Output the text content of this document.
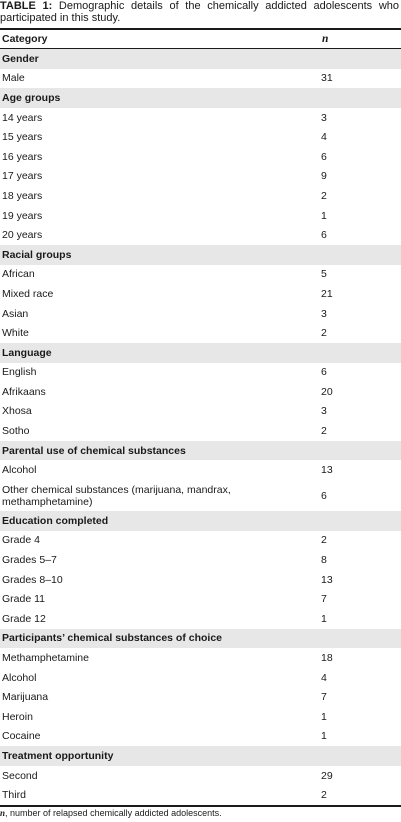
TABLE 1: Demographic details of the chemically addicted adolescents who participated in this study.
Category	n
Gender	
Male	31
Age groups	
14 years	3
15 years	4
16 years	6
17 years	9
18 years	2
19 years	1
20 years	6
Racial groups	
African	5
Mixed race	21
Asian	3
White	2
Language	
English	6
Afrikaans	20
Xhosa	3
Sotho	2
Parental use of chemical substances	
Alcohol	13
Other chemical substances (marijuana, mandrax, methamphetamine)	6
Education completed	
Grade 4	2
Grades 5–7	8
Grades 8–10	13
Grade 11	7
Grade 12	1
Participants’ chemical substances of choice	
Methamphetamine	18
Alcohol	4
Marijuana	7
Heroin	1
Cocaine	1
Treatment opportunity	
Second	29
Third	2
n, number of relapsed chemically addicted adolescents.
